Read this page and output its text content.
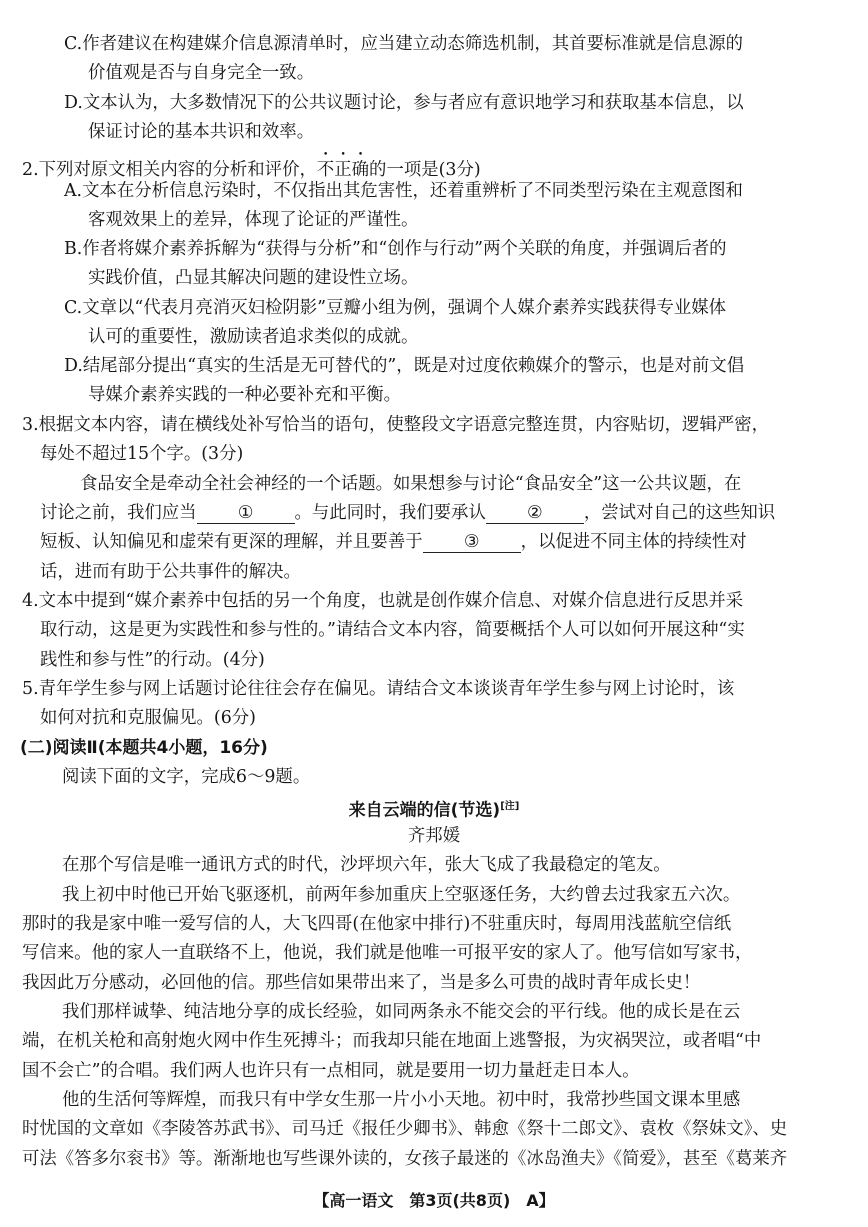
C.作者建议在构建媒介信息源清单时，应当建立动态筛选机制，其首要标准就是信息源的
价值观是否与自身完全一致。
D.文本认为，大多数情况下的公共议题讨论，参与者应有意识地学习和获取基本信息，以
保证讨论的基本共识和效率。
2.下列对原文相关内容的分析和评价，不正确的一项是(3分)
A.文本在分析信息污染时，不仅指出其危害性，还着重辨析了不同类型污染在主观意图和
客观效果上的差异，体现了论证的严谨性。
B.作者将媒介素养拆解为“获得与分析”和“创作与行动”两个关联的角度，并强调后者的
实践价值，凸显其解决问题的建设性立场。
C.文章以“代表月亮消灭妇检阴影”豆瓣小组为例，强调个人媒介素养实践获得专业媒体
认可的重要性，激励读者追求类似的成就。
D.结尾部分提出“真实的生活是无可替代的”，既是对过度依赖媒介的警示，也是对前文倡
导媒介素养实践的一种必要补充和平衡。
3.根据文本内容，请在横线处补写恰当的语句，使整段文字语意完整连贯，内容贴切，逻辑严密，
每处不超过15个字。(3分)
食品安全是牵动全社会神经的一个话题。如果想参与讨论“食品安全”这一公共议题，在
讨论之前，我们应当 ① 。与此同时，我们要承认 ② ，尝试对自己的这些知识
短板、认知偏见和虚荣有更深的理解，并且要善于 ③ ，以促进不同主体的持续性对
话，进而有助于公共事件的解决。
4.文本中提到“媒介素养中包括的另一个角度，也就是创作媒介信息、对媒介信息进行反思并采
取行动，这是更为实践性和参与性的。”请结合文本内容，简要概括个人可以如何开展这种“实
践性和参与性”的行动。(4分)
5.青年学生参与网上话题讨论往往会存在偏见。请结合文本谈谈青年学生参与网上讨论时，该
如何对抗和克服偏见。(6分)
(二)阅读Ⅱ(本题共4小题，16分)
阅读下面的文字，完成6～9题。
来自云端的信(节选)[注]
齐邦媛
在那个写信是唯一通讯方式的时代，沙坪坝六年，张大飞成了我最稳定的笔友。
我上初中时他已开始飞驱逐机，前两年参加重庆上空驱逐任务，大约曾去过我家五六次。
那时的我是家中唯一爱写信的人，大飞四哥(在他家中排行)不驻重庆时，每周用浅蓝航空信纸
写信来。他的家人一直联络不上，他说，我们就是他唯一可报平安的家人了。他写信如写家书，
我因此万分感动，必回他的信。那些信如果带出来了，当是多么可贵的战时青年成长史！
我们那样诚挚、纯洁地分享的成长经验，如同两条永不能交会的平行线。他的成长是在云
端，在机关枪和高射炮火网中作生死搏斗；而我却只能在地面上逃警报，为灾祸哭泣，或者唱“中
国不会亡”的合唱。我们两人也许只有一点相同，就是要用一切力量赶走日本人。
他的生活何等辉煌，而我只有中学女生那一片小小天地。初中时，我常抄些国文课本里感
时忧国的文章如《李陵答苏武书》、司马迁《报任少卿书》、韩愈《祭十二郎文》、袁枚《祭妹文》、史
可法《答多尔衮书》等。渐渐地也写些课外读的，女孩子最迷的《冰岛渔夫》《简爱》，甚至《葛莱齐
【高一语文　第3页(共8页)　A】
